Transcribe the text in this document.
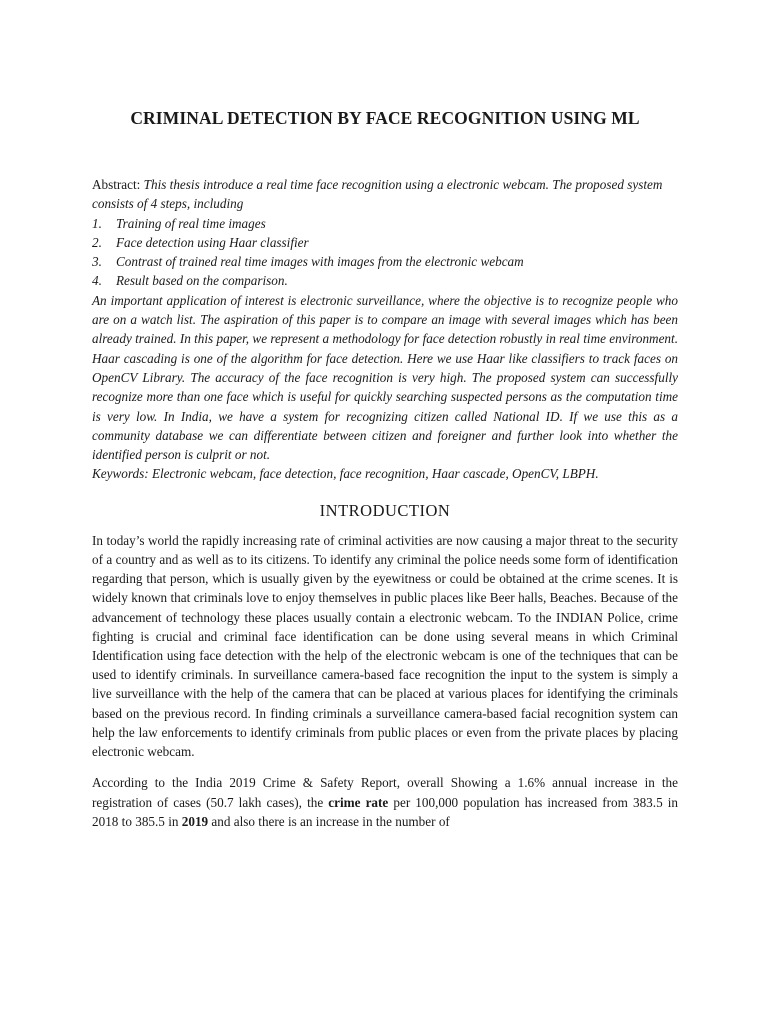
CRIMINAL DETECTION BY FACE RECOGNITION USING ML

Abstract: This thesis introduce a real time face recognition using a electronic webcam. The proposed system consists of 4 steps, including

1.	Training of real time images
2.	Face detection using Haar classifier
3.	Contrast of trained real time images with images from the electronic webcam
4.	Result based on the comparison.

An important application of interest is electronic surveillance, where the objective is to recognize people who are on a watch list. The aspiration of this paper is to compare an image with several images which has been already trained. In this paper, we represent a methodology for face detection robustly in real time environment. Haar cascading is one of the algorithm for face detection. Here we use Haar like classifiers to track faces on OpenCV Library. The accuracy of the face recognition is very high. The proposed system can successfully recognize more than one face which is useful for quickly searching suspected persons as the computation time is very low. In India, we have a system for recognizing citizen called National ID. If we use this as a community database we can differentiate between citizen and foreigner and further look into whether the identified person is culprit or not.

Keywords: Electronic webcam, face detection, face recognition, Haar cascade, OpenCV, LBPH.

INTRODUCTION

In today’s world the rapidly increasing rate of criminal activities are now causing a major threat to the security of a country and as well as to its citizens. To identify any criminal the police needs some form of identification regarding that person, which is usually given by the eyewitness or could be obtained at the crime scenes. It is widely known that criminals love to enjoy themselves in public places like Beer halls, Beaches. Because of the advancement of technology these places usually contain a electronic webcam. To the INDIAN Police, crime fighting is crucial and criminal face identification can be done using several means in which Criminal Identification using face detection with the help of the electronic webcam is one of the techniques that can be used to identify criminals. In surveillance camera-based face recognition the input to the system is simply a live surveillance with the help of the camera that can be placed at various places for identifying the criminals based on the previous record. In finding criminals a surveillance camera-based facial recognition system can help the law enforcements to identify criminals from public places or even from the private places by placing electronic webcam.

According to the India 2019 Crime & Safety Report, overall Showing a 1.6% annual increase in the registration of cases (50.7 lakh cases), the crime rate per 100,000 population has increased from 383.5 in 2018 to 385.5 in 2019 and also there is an increase in the number of
